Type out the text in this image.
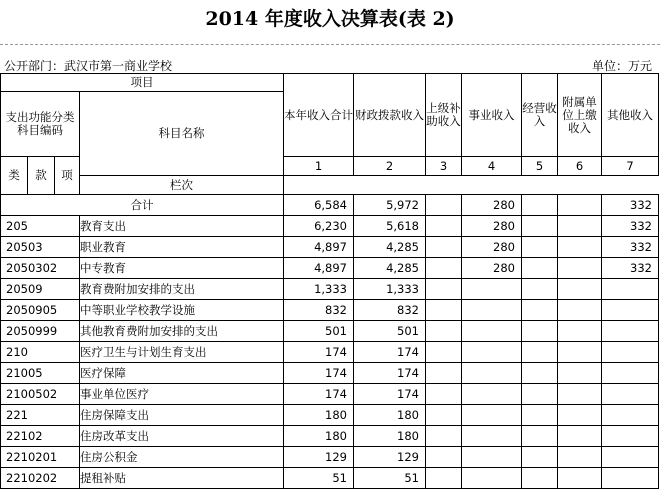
2014 年度收入决算表(表 2)
公开部门：武汉市第一商业学校	单位：万元
项目				本年收入合计	财政拨款收入	上级补助收入	事业收入	经营收入	附属单位上缴收入	其他收入
支出功能分类科目编码			科目名称							
类	款	项		1	2	3	4	5	6	7
			栏次							
合计				6,584	5,972		280			332
205			教育支出	6,230	5,618		280			332
20503			职业教育	4,897	4,285		280			332
2050302			中专教育	4,897	4,285		280			332
20509			教育费附加安排的支出	1,333	1,333					
2050905			中等职业学校教学设施	832	832					
2050999			其他教育费附加安排的支出	501	501					
210			医疗卫生与计划生育支出	174	174					
21005			医疗保障	174	174					
2100502			事业单位医疗	174	174					
221			住房保障支出	180	180					
22102			住房改革支出	180	180					
2210201			住房公积金	129	129					
2210202			提租补贴	51	51					
